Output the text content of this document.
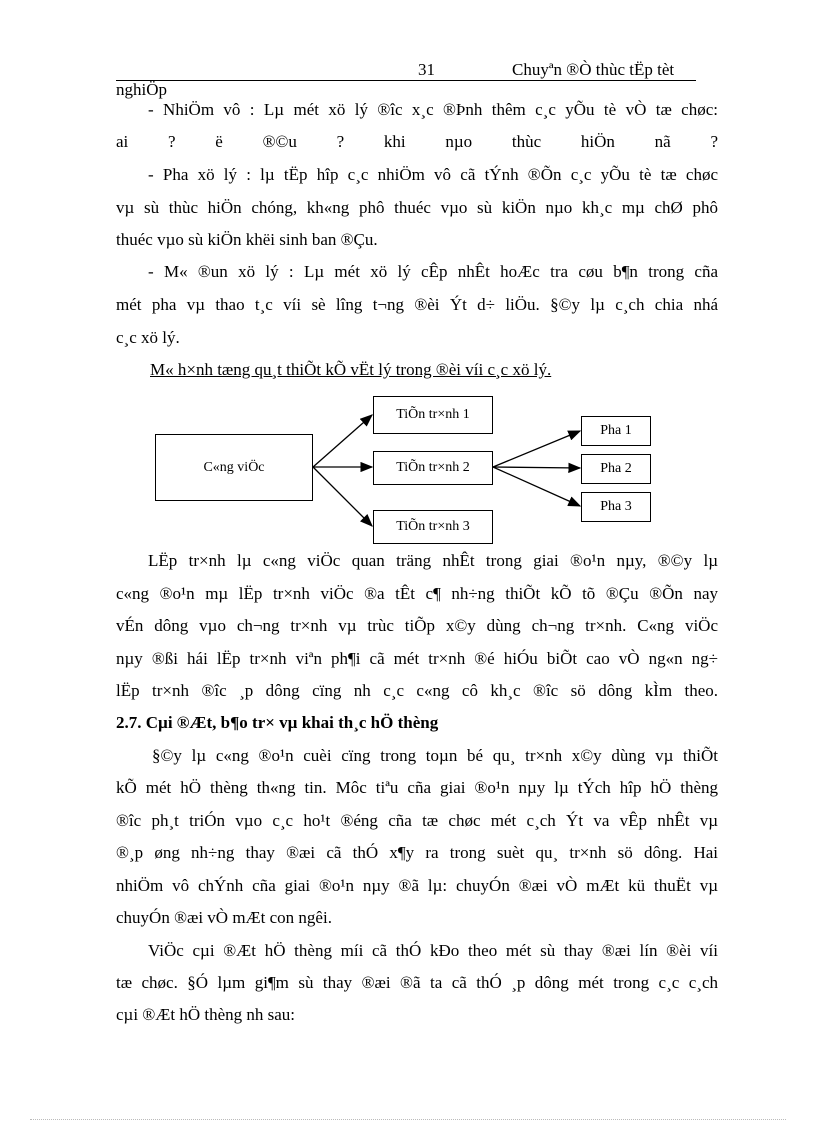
31	Chuyªn ®Ò thùc tËp tèt
nghiÖp
- NhiÖm vô : Lµ mét xö lý ®îc x¸c ®Þnh thêm c¸c yÕu tè vÒ tæ chøc:
ai ? ë ®©u ? khi nµo thùc hiÖn nã ?
- Pha xö lý : lµ tËp hîp c¸c nhiÖm vô cã tÝnh ®Õn c¸c yÕu tè tæ chøc
vµ sù thùc hiÖn chóng, kh«ng phô thuéc vµo sù kiÖn nµo kh¸c mµ chØ phô
thuéc vµo sù kiÖn khëi sinh ban ®Çu.
- M« ®un xö lý : Lµ mét xö lý cÊp nhÊt hoÆc tra cøu b¶n trong cña
mét pha vµ thao t¸c víi sè lîng t¬ng ®èi Ýt d÷ liÖu. §©y lµ c¸ch chia nhá
c¸c xö lý.
M« h×nh tæng qu¸t thiÕt kÕ vËt lý trong ®èi víi c¸c xö lý.
C«ng viÖc
TiÕn tr×nh 1
TiÕn tr×nh 2
TiÕn tr×nh 3
Pha 1
Pha 2
Pha 3
LËp tr×nh lµ c«ng viÖc quan träng nhÊt trong giai ®o¹n nµy, ®©y lµ
c«ng ®o¹n mµ lËp tr×nh viÖc ®a tÊt c¶ nh÷ng thiÕt kÕ tõ ®Çu ®Õn nay
vÉn dông vµo ch¬ng tr×nh vµ trùc tiÕp x©y dùng ch¬ng tr×nh. C«ng viÖc
nµy ®ßi hái lËp tr×nh viªn ph¶i cã mét tr×nh ®é hiÓu biÕt cao vÒ ng«n ng÷
lËp tr×nh ®îc ¸p dông cïng nh c¸c c«ng cô kh¸c ®îc sö dông kÌm theo.
2.7. Cµi ®Æt, b¶o tr× vµ khai th¸c hÖ thèng
§©y lµ c«ng ®o¹n cuèi cïng trong toµn bé qu¸ tr×nh x©y dùng vµ thiÕt
kÕ mét hÖ thèng th«ng tin. Môc tiªu cña giai ®o¹n nµy lµ tÝch hîp hÖ thèng
®îc ph¸t triÓn vµo c¸c ho¹t ®éng cña tæ chøc mét c¸ch Ýt va vÊp nhÊt vµ
®¸p øng nh÷ng thay ®æi cã thÓ x¶y ra trong suèt qu¸ tr×nh sö dông. Hai
nhiÖm vô chÝnh cña giai ®o¹n nµy ®ã lµ: chuyÓn ®æi vÒ mÆt kü thuËt vµ
chuyÓn ®æi vÒ mÆt con ngêi.
ViÖc cµi ®Æt hÖ thèng míi cã thÓ kÐo theo mét sù thay ®æi lín ®èi víi
tæ chøc. §Ó lµm gi¶m sù thay ®æi ®ã ta cã thÓ ¸p dông mét trong c¸c c¸ch
cµi ®Æt hÖ thèng nh sau:
